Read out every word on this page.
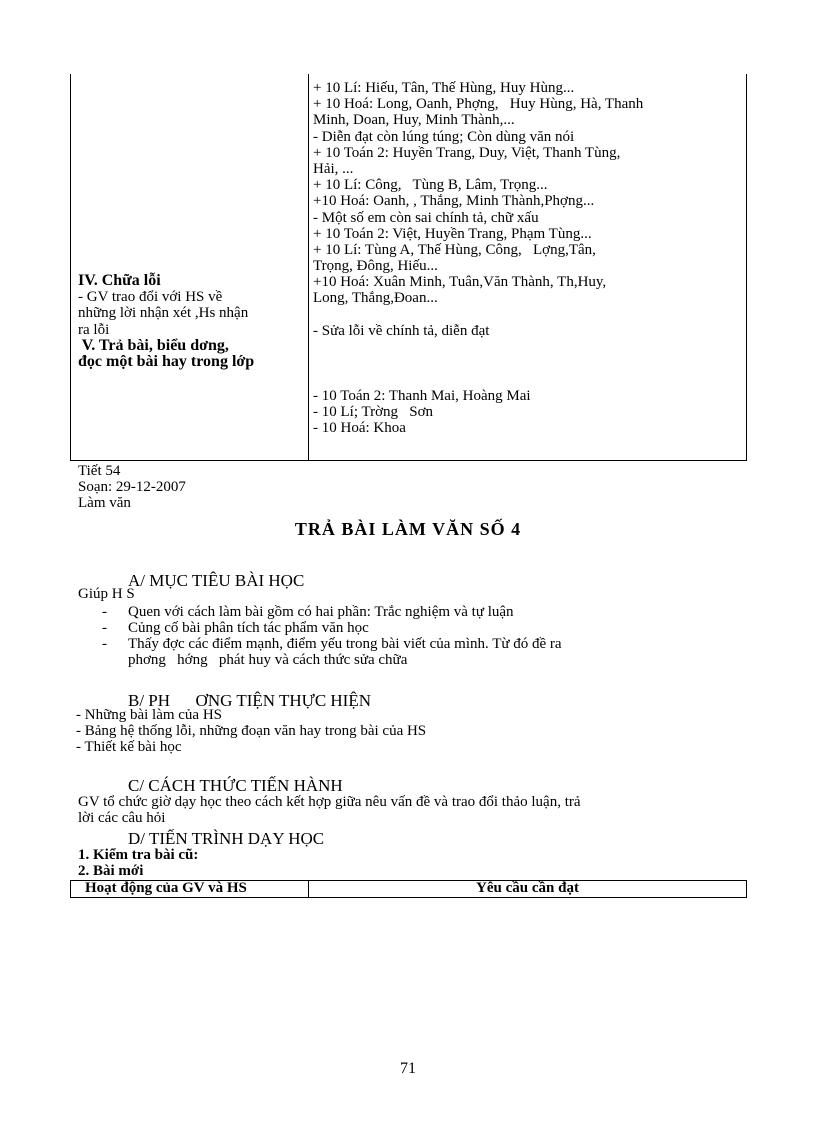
IV. Chữa lỗi
- GV trao đổi với HS về
những lời nhận xét ,Hs nhận
ra lỗi
V. Trả bài, biểu dơng,
đọc một bài hay trong lớp
+ 10 Lí: Hiếu, Tân, Thế Hùng, Huy Hùng...
+ 10 Hoá: Long, Oanh, Phợng,   Huy Hùng, Hà, Thanh
Minh, Doan, Huy, Minh Thành,...
- Diễn đạt còn lúng túng; Còn dùng văn nói
+ 10 Toán 2: Huyền Trang, Duy, Việt, Thanh Tùng,
Hải, ...
+ 10 Lí: Công,   Tùng B, Lâm, Trọng...
+10 Hoá: Oanh, , Thắng, Minh Thành,Phợng...
- Một số em còn sai chính tả, chữ xấu
+ 10 Toán 2: Việt, Huyền Trang, Phạm Tùng...
+ 10 Lí: Tùng A, Thế Hùng, Công,   Lợng,Tân,
Trọng, Đông, Hiếu...
+10 Hoá: Xuân Minh, Tuân,Văn Thành, Th,Huy,
Long, Thắng,Đoan...
- Sửa lỗi về chính tả, diễn đạt
- 10 Toán 2: Thanh Mai, Hoàng Mai
- 10 Lí; Trờng   Sơn
- 10 Hoá: Khoa
Tiết 54
Soạn: 29-12-2007
Làm văn
TRẢ BÀI LÀM VĂN SỐ 4
A/ MỤC TIÊU BÀI HỌC
Giúp H S
- Quen với cách làm bài gồm có hai phần: Trắc nghiệm và tự luận
- Củng cố bài phân tích tác phẩm văn học
- Thấy đợc các điểm mạnh, điểm yếu trong bài viết của mình. Từ đó đề ra
phơng   hớng   phát huy và cách thức sửa chữa
B/ PH      ƠNG TIỆN THỰC HIỆN
- Những bài làm của HS
- Bảng hệ thống lỗi, những đoạn văn hay trong bài của HS
- Thiết kế bài học
C/ CÁCH THỨC TIẾN HÀNH
GV tổ chức giờ dạy học theo cách kết hợp giữa nêu vấn đề và trao đổi thảo luận, trả
lời các câu hỏi
D/ TIẾN TRÌNH DẠY HỌC
1. Kiểm tra bài cũ:
2. Bài mới
Hoạt động của GV và HS	Yêu cầu cần đạt
71
